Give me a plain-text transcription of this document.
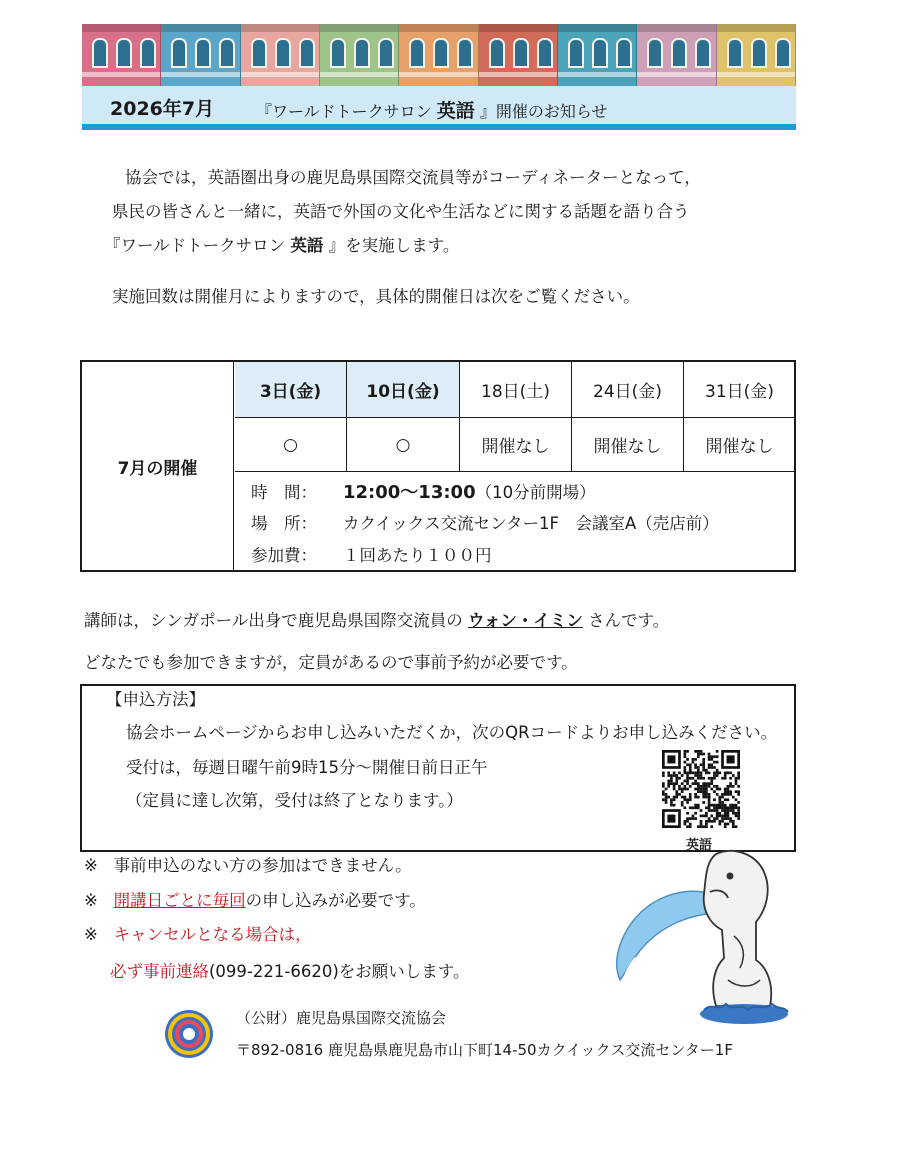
2026年7月	『ワールドトークサロン 英語 』開催のお知らせ
協会では，英語圏出身の鹿児島県国際交流員等がコーディネーターとなって，
県民の皆さんと一緒に，英語で外国の文化や生活などに関する話題を語り合う
『ワールドトークサロン 英語 』を実施します。
実施回数は開催月によりますので，具体的開催日は次をご覧ください。
7月の開催
3日(金)
○
10日(金)
○
18日(土)
開催なし
24日(金)
開催なし
31日(金)
開催なし
時　間： 12:00〜13:00（10分前開場）
場　所： カクイックス交流センター1F　会議室A（売店前）
参加費： １回あたり１００円
講師は，シンガポール出身で鹿児島県国際交流員の ウォン・イミン さんです。
どなたでも参加できますが，定員があるので事前予約が必要です。
【申込方法】
協会ホームページからお申し込みいただくか，次のQRコードよりお申し込みください。
受付は，毎週日曜午前9時15分〜開催日前日正午
（定員に達し次第，受付は終了となります。）
英語
※ 事前申込のない方の参加はできません。
※ 開講日ごとに毎回の申し込みが必要です。
※ キャンセルとなる場合は，
必ず事前連絡(099-221-6620)をお願いします。
（公財）鹿児島県国際交流協会
〒892-0816 鹿児島県鹿児島市山下町14-50カクイックス交流センター1F
